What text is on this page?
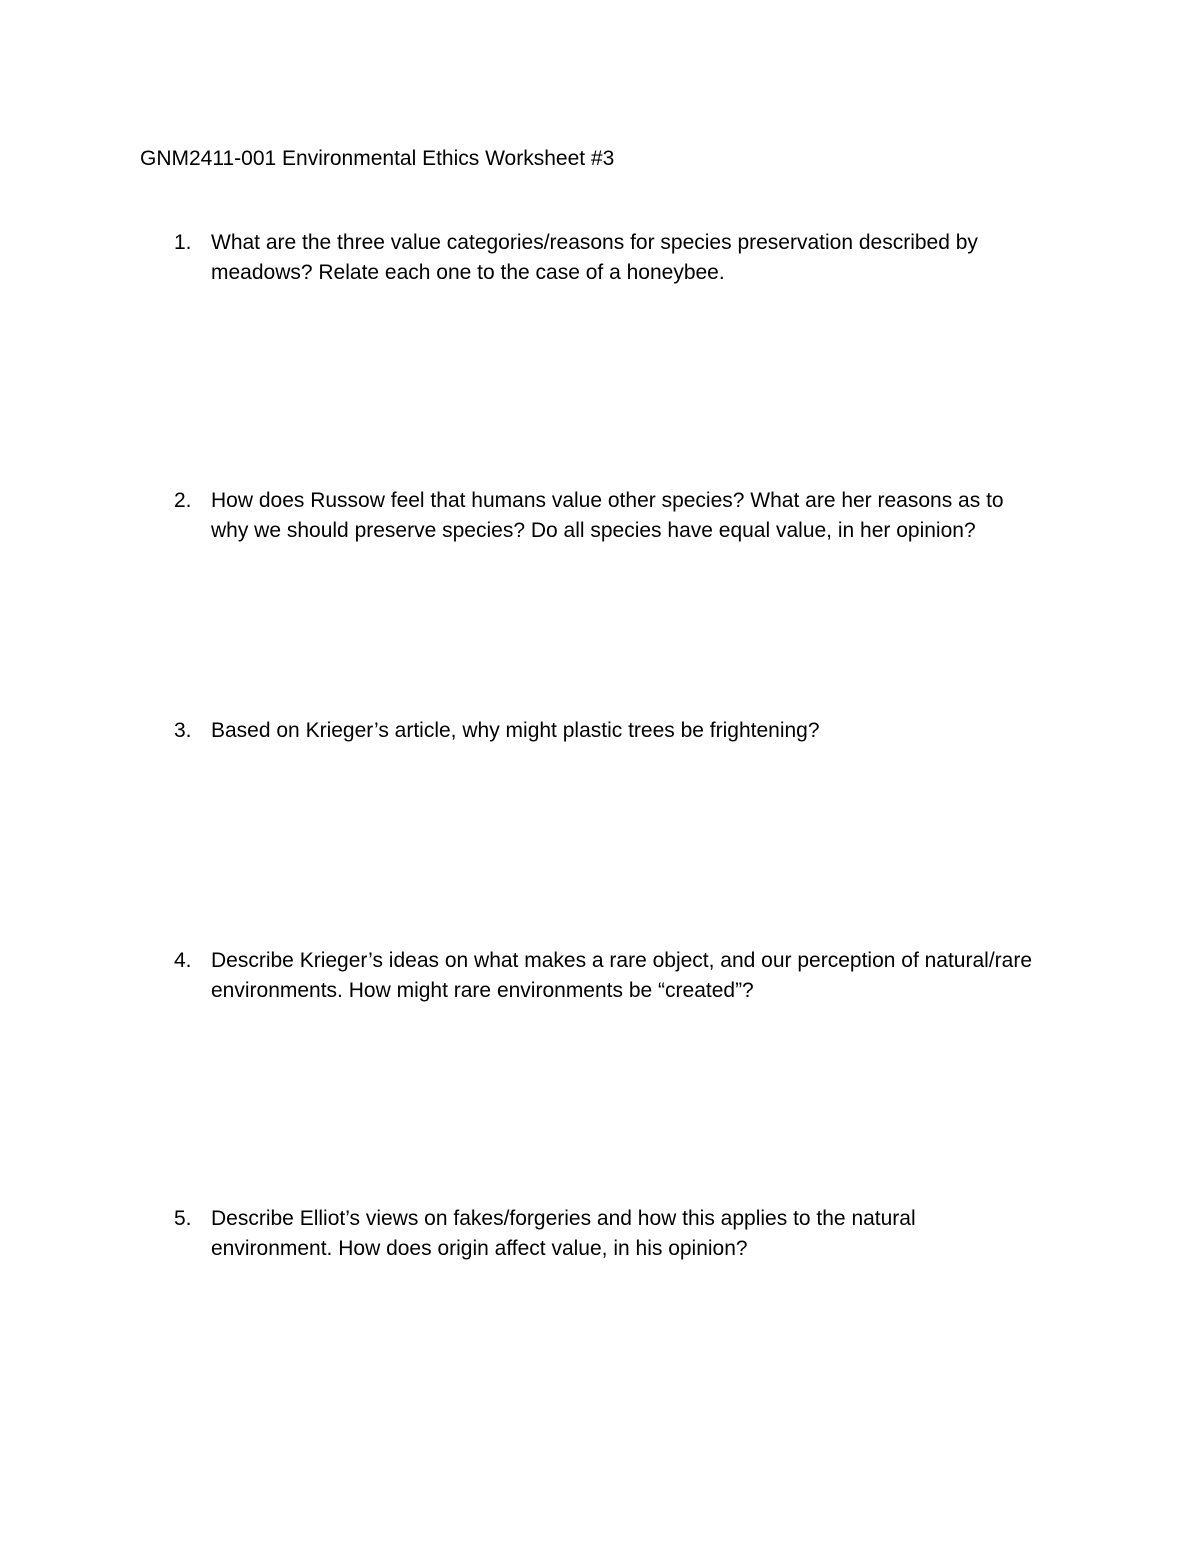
GNM2411-001 Environmental Ethics Worksheet #3
1. What are the three value categories/reasons for species preservation described by
meadows? Relate each one to the case of a honeybee.
2. How does Russow feel that humans value other species? What are her reasons as to
why we should preserve species? Do all species have equal value, in her opinion?
3. Based on Krieger’s article, why might plastic trees be frightening?
4. Describe Krieger’s ideas on what makes a rare object, and our perception of natural/rare
environments. How might rare environments be “created”?
5. Describe Elliot’s views on fakes/forgeries and how this applies to the natural
environment. How does origin affect value, in his opinion?
